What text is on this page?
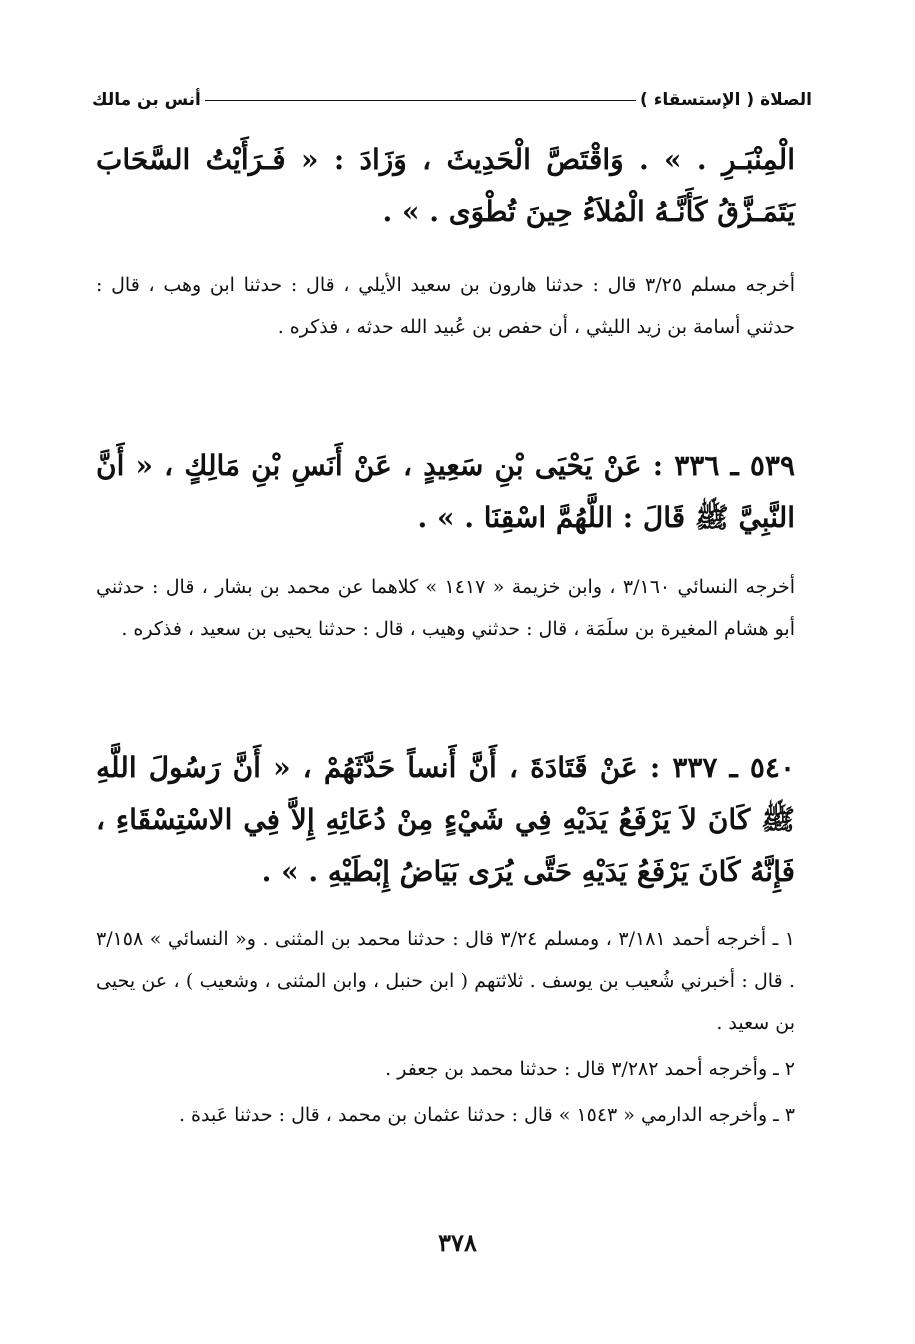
الصلاة ( الإستسقاء )
أنس بن مالك

الْمِنْبَـرِ . » . وَاقْتَصَّ الْحَدِيثَ ، وَزَادَ : « فَـرَأَيْتُ السَّحَابَ يَتَمَـزَّقُ كَأَنَّـهُ الْمُلاَءُ حِينَ تُطْوَى . » .

أخرجه مسلم ٣/٢٥ قال : حدثنا هارون بن سعيد الأيلي ، قال : حدثنا ابن وهب ، قال : حدثني أسامة بن زيد الليثي ، أن حفص بن عُبيد الله حدثه ، فذكره .

٥٣٩ ـ ٣٣٦ : عَنْ يَحْيَى بْنِ سَعِيدٍ ، عَنْ أَنَسِ بْنِ مَالِكٍ ، « أَنَّ النَّبِيَّ ﷺ قَالَ : اللَّهُمَّ اسْقِنَا . » .

أخرجه النسائي ٣/١٦٠ ، وابن خزيمة « ١٤١٧ » كلاهما عن محمد بن بشار ، قال : حدثني أبو هشام المغيرة بن سلَمَة ، قال : حدثني وهيب ، قال : حدثنا يحيى بن سعيد ، فذكره .

٥٤٠ ـ ٣٣٧ : عَنْ قَتَادَةَ ، أَنَّ أَنساً حَدَّثَهُمْ ، « أَنَّ رَسُولَ اللَّهِ ﷺ كَانَ لاَ يَرْفَعُ يَدَيْهِ فِي شَيْءٍ مِنْ دُعَائِهِ إِلاَّ فِي الاسْتِسْقَاءِ ، فَإِنَّهُ كَانَ يَرْفَعُ يَدَيْهِ حَتَّى يُرَى بَيَاضُ إِبْطَيْهِ . » .

١ ـ أخرجه أحمد ٣/١٨١ ، ومسلم ٣/٢٤ قال : حدثنا محمد بن المثنى . و« النسائي » ٣/١٥٨ . قال : أخبرني شُعيب بن يوسف . ثلاثتهم ( ابن حنبل ، وابن المثنى ، وشعيب ) ، عن يحيى بن سعيد .

٢ ـ وأخرجه أحمد ٣/٢٨٢ قال : حدثنا محمد بن جعفر .

٣ ـ وأخرجه الدارمي « ١٥٤٣ » قال : حدثنا عثمان بن محمد ، قال : حدثنا عَبدة .

٣٧٨
